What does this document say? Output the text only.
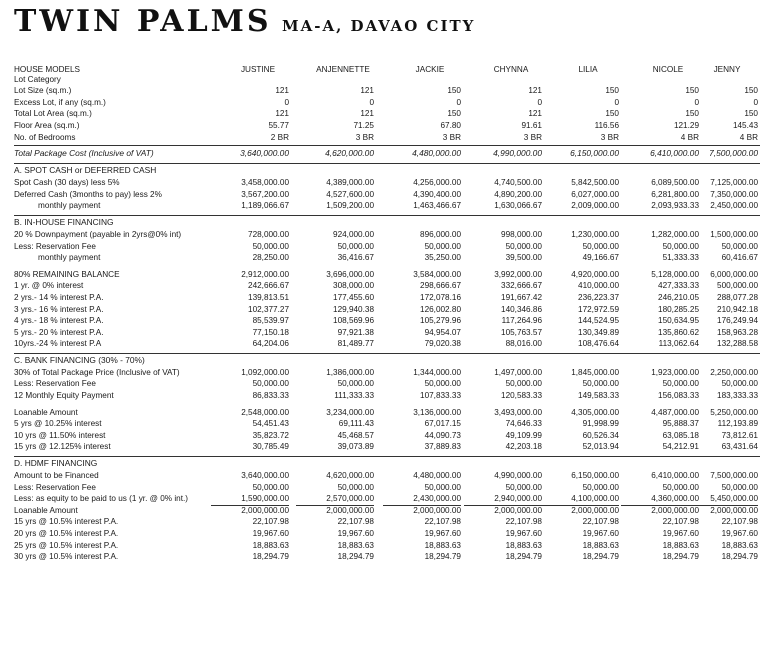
TWIN PALMS MA-A, DAVAO CITY
HOUSE MODELS	JUSTINE	ANJENNETTE	JACKIE	CHYNNA	LILIA	NICOLE	JENNY
Lot Category
Lot Size (sq.m.)	121	121	150	121	150	150	150
Excess Lot, if any (sq.m.)	0	0	0	0	0	0	0
Total Lot Area (sq.m.)	121	121	150	121	150	150	150
Floor Area (sq.m.)	55.77	71.25	67.80	91.61	116.56	121.29	145.43
No. of Bedrooms	2 BR	3 BR	3 BR	3 BR	3 BR	4 BR	4 BR
Total Package Cost (Inclusive of VAT)	3,640,000.00	4,620,000.00	4,480,000.00	4,990,000.00	6,150,000.00	6,410,000.00	7,500,000.00
A. SPOT CASH or DEFERRED CASH
Spot Cash (30 days) less 5%	3,458,000.00	4,389,000.00	4,256,000.00	4,740,500.00	5,842,500.00	6,089,500.00	7,125,000.00
Deferred Cash (3months to pay) less 2%	3,567,200.00	4,527,600.00	4,390,400.00	4,890,200.00	6,027,000.00	6,281,800.00	7,350,000.00
monthly payment	1,189,066.67	1,509,200.00	1,463,466.67	1,630,066.67	2,009,000.00	2,093,933.33	2,450,000.00
B. IN-HOUSE FINANCING
20 % Downpayment (payable in 2yrs@0% int)	728,000.00	924,000.00	896,000.00	998,000.00	1,230,000.00	1,282,000.00	1,500,000.00
Less: Reservation Fee	50,000.00	50,000.00	50,000.00	50,000.00	50,000.00	50,000.00	50,000.00
monthly payment	28,250.00	36,416.67	35,250.00	39,500.00	49,166.67	51,333.33	60,416.67
80% REMAINING BALANCE	2,912,000.00	3,696,000.00	3,584,000.00	3,992,000.00	4,920,000.00	5,128,000.00	6,000,000.00
1 yr. @ 0% interest	242,666.67	308,000.00	298,666.67	332,666.67	410,000.00	427,333.33	500,000.00
2 yrs.- 14 % interest P.A.	139,813.51	177,455.60	172,078.16	191,667.42	236,223.37	246,210.05	288,077.28
3 yrs.- 16 % interest P.A.	102,377.27	129,940.38	126,002.80	140,346.86	172,972.59	180,285.25	210,942.18
4 yrs.- 18 % interest P.A.	85,539.97	108,569.96	105,279.96	117,264.96	144,524.95	150,634.95	176,249.94
5 yrs.- 20 % interest P.A.	77,150.18	97,921.38	94,954.07	105,763.57	130,349.89	135,860.62	158,963.28
10yrs.-24 % interest P.A	64,204.06	81,489.77	79,020.38	88,016.00	108,476.64	113,062.64	132,288.58
C. BANK FINANCING (30% - 70%)
30% of Total Package Price (Inclusive of VAT)	1,092,000.00	1,386,000.00	1,344,000.00	1,497,000.00	1,845,000.00	1,923,000.00	2,250,000.00
Less: Reservation Fee	50,000.00	50,000.00	50,000.00	50,000.00	50,000.00	50,000.00	50,000.00
12 Monthly Equity Payment	86,833.33	111,333.33	107,833.33	120,583.33	149,583.33	156,083.33	183,333.33
Loanable Amount	2,548,000.00	3,234,000.00	3,136,000.00	3,493,000.00	4,305,000.00	4,487,000.00	5,250,000.00
5 yrs @ 10.25% interest	54,451.43	69,111.43	67,017.15	74,646.33	91,998.99	95,888.37	112,193.89
10 yrs @ 11.50% interest	35,823.72	45,468.57	44,090.73	49,109.99	60,526.34	63,085.18	73,812.61
15 yrs @ 12.125% interest	30,785.49	39,073.89	37,889.83	42,203.18	52,013.94	54,212.91	63,431.64
D. HDMF FINANCING
Amount to be Financed	3,640,000.00	4,620,000.00	4,480,000.00	4,990,000.00	6,150,000.00	6,410,000.00	7,500,000.00
Less: Reservation Fee	50,000.00	50,000.00	50,000.00	50,000.00	50,000.00	50,000.00	50,000.00
Less: as equity to be paid to us (1 yr. @ 0% int.)	1,590,000.00	2,570,000.00	2,430,000.00	2,940,000.00	4,100,000.00	4,360,000.00	5,450,000.00
Loanable Amount	2,000,000.00	2,000,000.00	2,000,000.00	2,000,000.00	2,000,000.00	2,000,000.00	2,000,000.00
15 yrs @ 10.5% interest P.A.	22,107.98	22,107.98	22,107.98	22,107.98	22,107.98	22,107.98	22,107.98
20 yrs @ 10.5% interest P.A.	19,967.60	19,967.60	19,967.60	19,967.60	19,967.60	19,967.60	19,967.60
25 yrs @ 10.5% interest P.A.	18,883.63	18,883.63	18,883.63	18,883.63	18,883.63	18,883.63	18,883.63
30 yrs @ 10.5% interest P.A.	18,294.79	18,294.79	18,294.79	18,294.79	18,294.79	18,294.79	18,294.79
